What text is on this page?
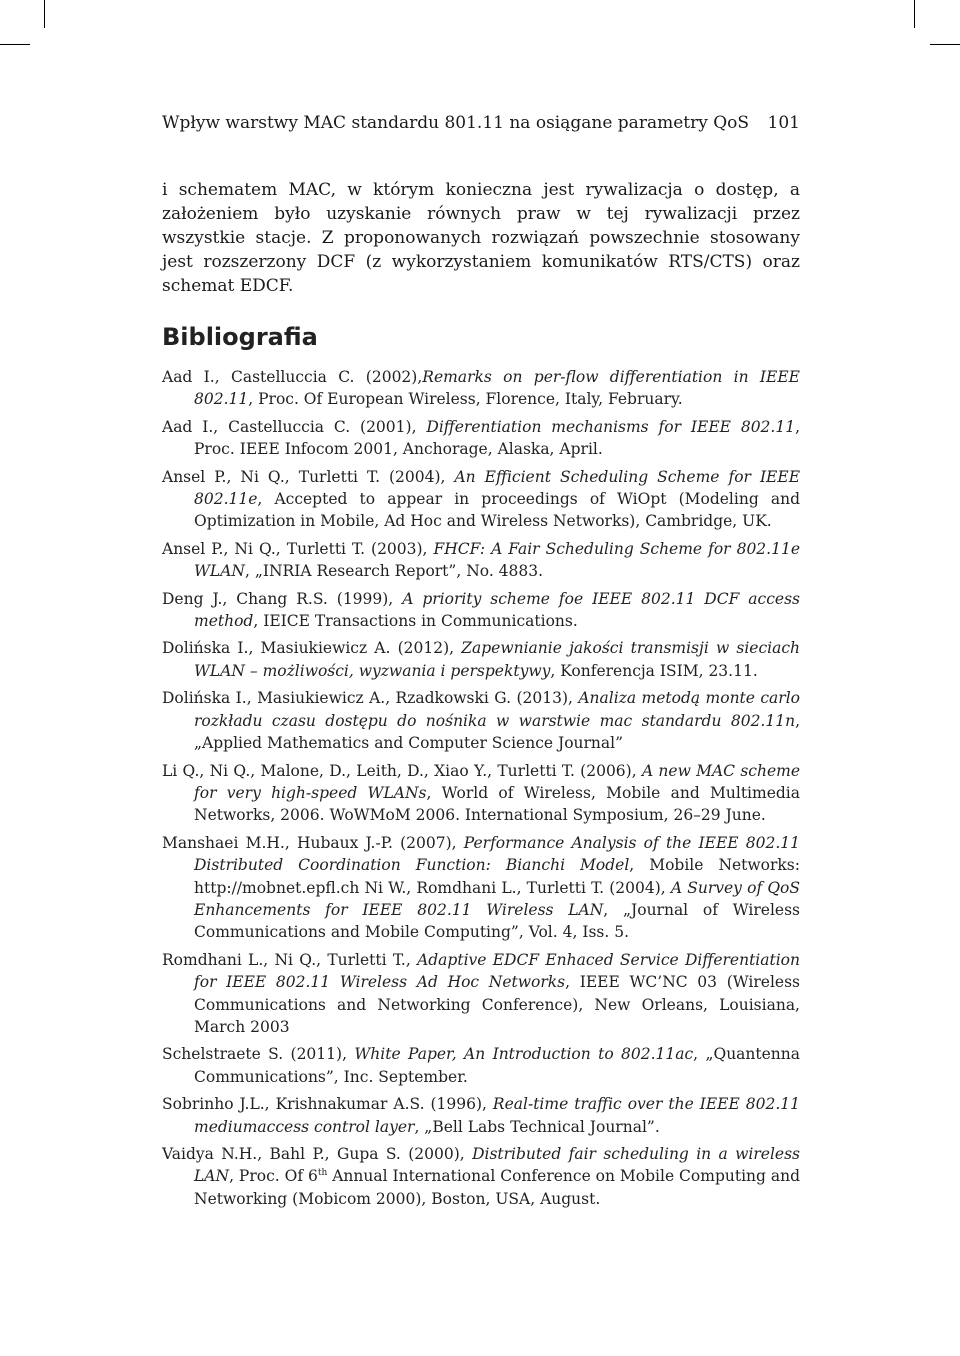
Wpływ warstwy MAC standardu 801.11 na osiągane parametry QoS 101

i schematem MAC, w którym konieczna jest rywalizacja o dostęp, a założeniem było uzyskanie równych praw w tej rywalizacji przez wszystkie stacje. Z proponowanych rozwiązań powszechnie stosowany jest rozszerzony DCF (z wykorzystaniem komunikatów RTS/CTS) oraz schemat EDCF.

Bibliografia

Aad I., Castelluccia C. (2002),Remarks on per-flow differentiation in IEEE 802.11, Proc. Of European Wireless, Florence, Italy, February.

Aad I., Castelluccia C. (2001), Differentiation mechanisms for IEEE 802.11, Proc. IEEE Infocom 2001, Anchorage, Alaska, April.

Ansel P., Ni Q., Turletti T. (2004), An Efficient Scheduling Scheme for IEEE 802.11e, Accepted to appear in proceedings of WiOpt (Modeling and Optimization in Mobile, Ad Hoc and Wireless Networks), Cambridge, UK.

Ansel P., Ni Q., Turletti T. (2003), FHCF: A Fair Scheduling Scheme for 802.11e WLAN, „INRIA Research Report”, No. 4883.

Deng J., Chang R.S. (1999), A priority scheme foe IEEE 802.11 DCF access method, IEICE Transactions in Communications.

Dolińska I., Masiukiewicz A. (2012), Zapewnianie jakości transmisji w sieciach WLAN – możliwości, wyzwania i perspektywy, Konferencja ISIM, 23.11.

Dolińska I., Masiukiewicz A., Rzadkowski G. (2013), Analiza metodą monte carlo rozkładu czasu dostępu do nośnika w warstwie mac standardu 802.11n, „Applied Mathematics and Computer Science Journal”

Li Q., Ni Q., Malone, D., Leith, D., Xiao Y., Turletti T. (2006), A new MAC scheme for very high-speed WLANs, World of Wireless, Mobile and Multimedia Networks, 2006. WoWMoM 2006. International Symposium, 26–29 June.

Manshaei M.H., Hubaux J.-P. (2007), Performance Analysis of the IEEE 802.11 Distributed Coordination Function: Bianchi Model, Mobile Networks: http://mobnet.epfl.ch Ni W., Romdhani L., Turletti T. (2004), A Survey of QoS Enhancements for IEEE 802.11 Wireless LAN, „Journal of Wireless Communications and Mobile Computing”, Vol. 4, Iss. 5.

Romdhani L., Ni Q., Turletti T., Adaptive EDCF Enhaced Service Differentiation for IEEE 802.11 Wireless Ad Hoc Networks, IEEE WC’NC 03 (Wireless Communications and Networking Conference), New Orleans, Louisiana, March 2003

Schelstraete S. (2011), White Paper, An Introduction to 802.11ac, „Quantenna Communications”, Inc. September.

Sobrinho J.L., Krishnakumar A.S. (1996), Real-time traffic over the IEEE 802.11 mediumaccess control layer, „Bell Labs Technical Journal”.

Vaidya N.H., Bahl P., Gupa S. (2000), Distributed fair scheduling in a wireless LAN, Proc. Of 6th Annual International Conference on Mobile Computing and Networking (Mobicom 2000), Boston, USA, August.
